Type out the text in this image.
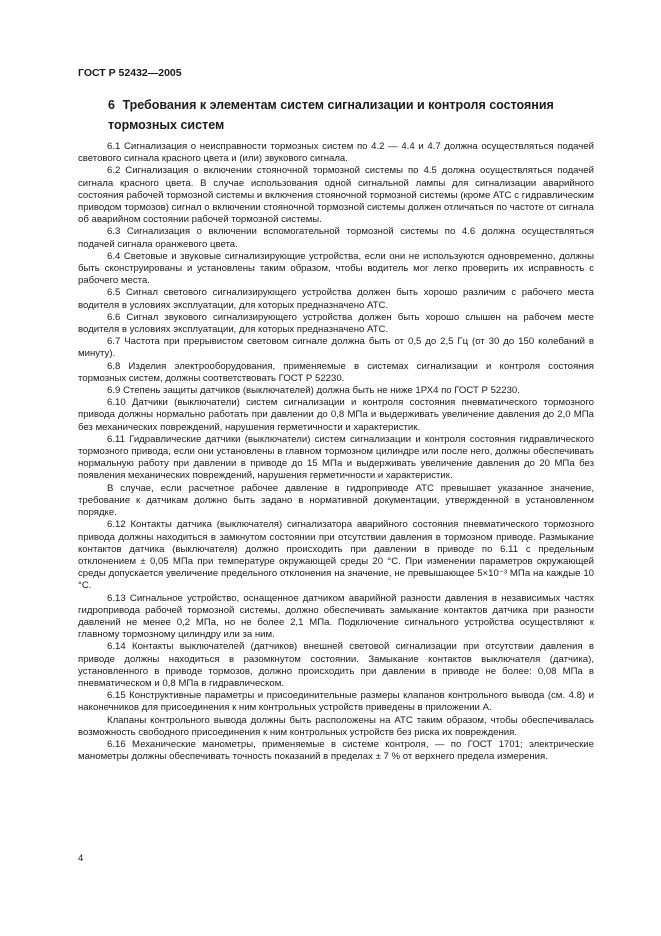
ГОСТ Р 52432—2005
6 Требования к элементам систем сигнализации и контроля состояния тормозных систем

6.1 Сигнализация о неисправности тормозных систем по 4.2 — 4.4 и 4.7 должна осуществляться подачей светового сигнала красного цвета и (или) звукового сигнала.

6.2 Сигнализация о включении стояночной тормозной системы по 4.5 должна осуществляться подачей сигнала красного цвета. В случае использования одной сигнальной лампы для сигнализации аварийного состояния рабочей тормозной системы и включения стояночной тормозной системы (кроме АТС с гидравлическим приводом тормозов) сигнал о включении стояночной тормозной системы должен отличаться по частоте от сигнала об аварийном состоянии рабочей тормозной системы.

6.3 Сигнализация о включении вспомогательной тормозной системы по 4.6 должна осуществляться подачей сигнала оранжевого цвета.

6.4 Световые и звуковые сигнализирующие устройства, если они не используются одновременно, должны быть сконструированы и установлены таким образом, чтобы водитель мог легко проверить их исправность с рабочего места.

6.5 Сигнал светового сигнализирующего устройства должен быть хорошо различим с рабочего места водителя в условиях эксплуатации, для которых предназначено АТС.

6.6 Сигнал звукового сигнализирующего устройства должен быть хорошо слышен на рабочем месте водителя в условиях эксплуатации, для которых предназначено АТС.

6.7 Частота при прерывистом световом сигнале должна быть от 0,5 до 2,5 Гц (от 30 до 150 колебаний в минуту).

6.8 Изделия электрооборудования, применяемые в системах сигнализации и контроля состояния тормозных систем, должны соответствовать ГОСТ Р 52230.

6.9 Степень защиты датчиков (выключателей) должна быть не ниже 1РХ4 по ГОСТ Р 52230.

6.10 Датчики (выключатели) систем сигнализации и контроля состояния пневматического тормозного привода должны нормально работать при давлении до 0,8 МПа и выдерживать увеличение давления до 2,0 МПа без механических повреждений, нарушения герметичности и характеристик.

6.11 Гидравлические датчики (выключатели) систем сигнализации и контроля состояния гидравлического тормозного привода, если они установлены в главном тормозном цилиндре или после него, должны обеспечивать нормальную работу при давлении в приводе до 15 МПа и выдерживать увеличение давления до 20 МПа без появления механических повреждений, нарушения герметичности и характеристик.

В случае, если расчетное рабочее давление в гидроприводе АТС превышает указанное значение, требование к датчикам должно быть задано в нормативной документации, утвержденной в установленном порядке.

6.12 Контакты датчика (выключателя) сигнализатора аварийного состояния пневматического тормозного привода должны находиться в замкнутом состоянии при отсутствии давления в тормозном приводе. Размыкание контактов датчика (выключателя) должно происходить при давлении в приводе по 6.11 с предельным отклонением ± 0,05 МПа при температуре окружающей среды 20 °С. При изменении параметров окружающей среды допускается увеличение предельного отклонения на значение, не превышающее 5×10⁻³ МПа на каждые 10 °С.

6.13 Сигнальное устройство, оснащенное датчиком аварийной разности давления в независимых частях гидропривода рабочей тормозной системы, должно обеспечивать замыкание контактов датчика при разности давлений не менее 0,2 МПа, но не более 2,1 МПа. Подключение сигнального устройства осуществляют к главному тормозному цилиндру или за ним.

6.14 Контакты выключателей (датчиков) внешней световой сигнализации при отсутствии давления в приводе должны находиться в разомкнутом состоянии. Замыкание контактов выключателя (датчика), установленного в приводе тормозов, должно происходить при давлении в приводе не более: 0,08 МПа в пневматическом и 0,8 МПа в гидравлическом.

6.15 Конструктивные параметры и присоединительные размеры клапанов контрольного вывода (см. 4.8) и наконечников для присоединения к ним контрольных устройств приведены в приложении А.

Клапаны контрольного вывода должны быть расположены на АТС таким образом, чтобы обеспечивалась возможность свободного присоединения к ним контрольных устройств без риска их повреждения.

6.16 Механические манометры, применяемые в системе контроля, — по ГОСТ 1701; электрические манометры должны обеспечивать точность показаний в пределах ± 7 % от верхнего предела измерения.

4
